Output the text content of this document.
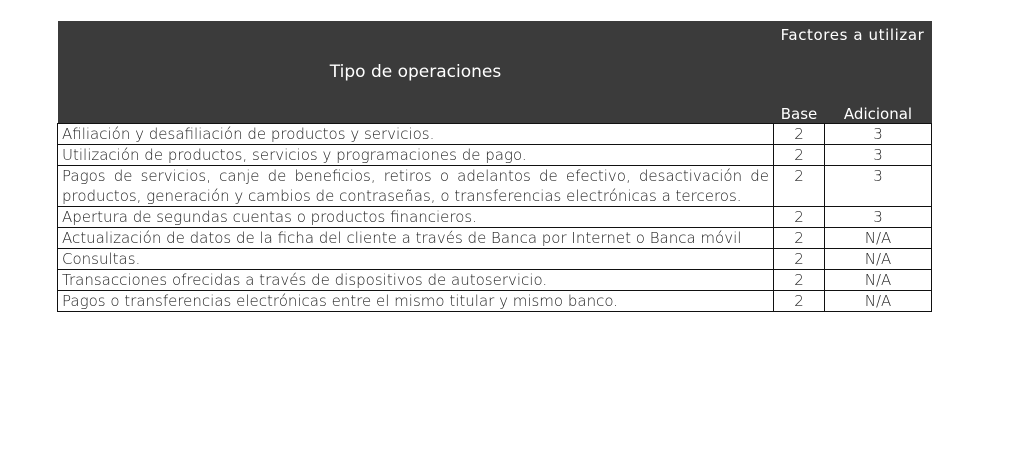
Tipo de operaciones	Factores a utilizar	
	Base	Adicional
Afiliación y desafiliación de productos y servicios.	2	3
Utilización de productos, servicios y programaciones de pago.	2	3
Pagos de servicios, canje de beneficios, retiros o adelantos de efectivo, desactivación de productos, generación y cambios de contraseñas, o transferencias electrónicas a terceros.	2	3
Apertura de segundas cuentas o productos financieros.	2	3
Actualización de datos de la ficha del cliente a través de Banca por Internet o Banca móvil	2	N/A
Consultas.	2	N/A
Transacciones ofrecidas a través de dispositivos de autoservicio.	2	N/A
Pagos o transferencias electrónicas entre el mismo titular y mismo banco.	2	N/A
